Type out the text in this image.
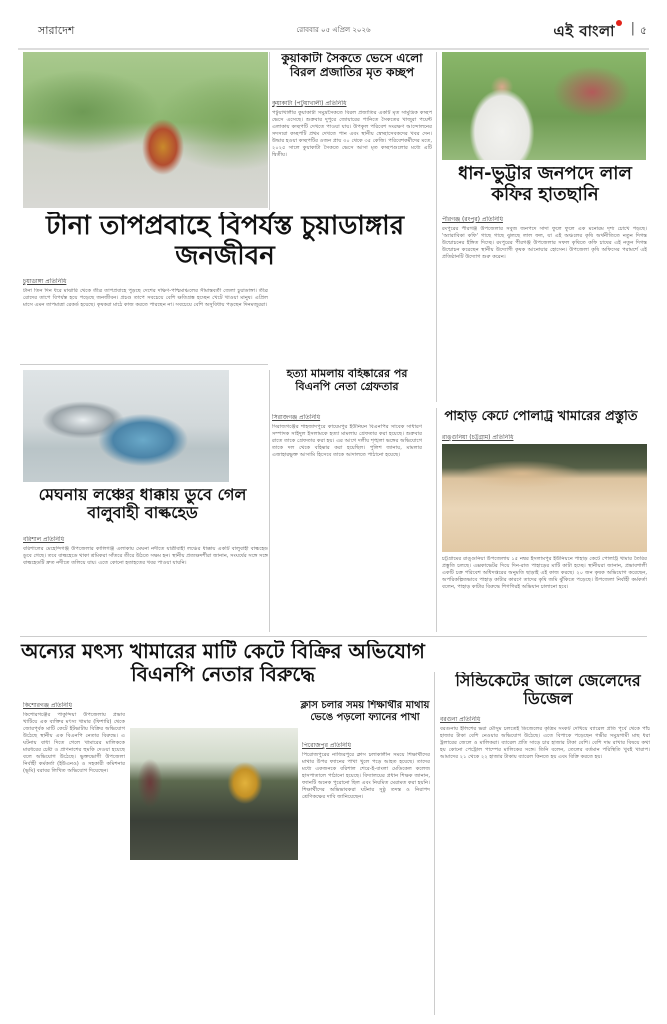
সারাদেশ	রোববার ০৫ এপ্রিল ২০২৬	এই বাংলা	| ৫
কুয়াকাটা সৈকতে ভেসে এলো বিরল প্রজাতির মৃত কচ্ছপ
কুয়াকাটা (পটুয়াখালী) প্রতিনিধি
পটুয়াখালীর কুয়াকাটা সমুদ্রসৈকতে বিরল প্রজাতির একটি মৃত সামুদ্রিক কচ্ছপ ভেসে এসেছে। শুক্রবার দুপুরে জোয়ারের পানিতে সৈকতের খাজুরা পয়েন্ট এলাকায় কচ্ছপটি দেখতে পাওয়া যায়। উপকূল পরিবেশ সংরক্ষণ আন্দোলনের সদস্যরা কচ্ছপটি প্রথম দেখতে পান এবং স্থানীয় স্বেচ্ছাসেবকদের খবর দেন। উদ্ধার হওয়া কচ্ছপটির ওজন প্রায় ৩০ থেকে ৩৫ কেজি। পরিবেশকর্মীদের মতে, ২০২৫ সালে কুয়াকাটা সৈকতে ভেসে আসা মৃত কচ্ছপগুলোর মধ্যে এটি দ্বিতীয়।
ধান-ভুট্টার জনপদে লাল কফির হাতছানি
পীরগঞ্জ (রংপুর) প্রতিনিধি
রংপুরের পীরগঞ্জ উপজেলার সবুজ জনপদে সাদা ফুলে ফুলে এক মনোরম দৃশ্য চোখে পড়ছে। 'অ্যারাবিকা কফি' গাছে গাছে ঝুলছে লাল ফল, যা এই অঞ্চলের কৃষি অর্থনীতিতে নতুন দিগন্ত উন্মোচনের ইঙ্গিত দিচ্ছে। রংপুরের পীরগঞ্জ উপজেলার সফল কৃষিতে কফি চাষের এই নতুন দিগন্ত উন্মোচন করেছেন স্থানীয় উদ্যোগী কৃষক আনোয়ার হোসেন। উপজেলা কৃষি অফিসের পরামর্শে এই প্রতিষ্ঠানটি উদ্যোগ শুরু করেন।
টানা তাপপ্রবাহে বিপর্যস্ত চুয়াডাঙ্গার জনজীবন
চুয়াডাঙ্গা প্রতিনিধি
টানা তিন দিন ধরে মাঝারি থেকে তীব্র তাপপ্রবাহে পুড়ছে দেশের দক্ষিণ-পশ্চিমাঞ্চলের সীমান্তবর্তী জেলা চুয়াডাঙ্গা। তীব্র রোদের তাপে বিপর্যস্ত হয়ে পড়েছে জনজীবন। প্রচণ্ড তাপে সবচেয়ে বেশি ক্ষতিগ্রস্ত হচ্ছেন খেটে খাওয়া মানুষ। এপ্রিল মাসে এমন তাপমাত্রা রেকর্ড হয়েছে। কৃষকরা মাঠে কাজ করতে পারছেন না। সবচেয়ে বেশি অসুবিধায় পড়ছেন দিনমজুররা।
হত্যা মামলায় বহিষ্কারের পর বিএনপি নেতা গ্রেফতার
সিরাজগঞ্জ প্রতিনিধি
সিরাজগঞ্জের শাহজাদপুরে কায়েমপুর ইউনিয়ন বিএনপির সাবেক সাধারণ সম্পাদক সাইদুল ইসলামকে হত্যা মামলায় গ্রেফতার করা হয়েছে। শুক্রবার রাতে তাকে গ্রেফতার করা হয়। এর আগে দলীয় শৃঙ্খলা ভঙ্গের অভিযোগে তাকে দল থেকে বহিষ্কার করা হয়েছিল। পুলিশ জানায়, মামলার এজাহারভুক্ত আসামি হিসেবে তাকে আদালতে পাঠানো হয়েছে।
পাহাড় কেটে পোলট্রি খামারের প্রস্তুতি
রাঙ্গুনিয়া (চট্টগ্রাম) প্রতিনিধি
চট্টগ্রামের রাঙ্গুনিয়া উপজেলায় ১৫ নম্বর ইসলামপুর ইউনিয়নে পাহাড় কেটে পোলট্রি খামার তৈরির প্রস্তুতি চলছে। এক্সকাভেটর দিয়ে দিন-রাত পাহাড়ের মাটি কাটা হচ্ছে। স্থানীয়রা জানান, প্রভাবশালী একটি চক্র পরিবেশ অধিদপ্তরের অনুমতি ছাড়াই এই কাজ করছে। ২০ জন কৃষক অভিযোগ করেছেন, অপরিকল্পিতভাবে পাহাড় কাটার কারণে তাদের কৃষি জমি ঝুঁকিতে পড়েছে। উপজেলা নির্বাহী কর্মকর্তা বলেন, পাহাড় কাটার বিরুদ্ধে শিগগিরই অভিযান চালানো হবে।
মেঘনায় লঞ্চের ধাক্কায় ডুবে গেল বালুবাহী বাল্কহেড
বরিশাল প্রতিনিধি
বরিশালের মেহেন্দিগঞ্জ উপজেলার কালিগঞ্জ এলাকায় মেঘনা নদীতে যাত্রীবাহী লঞ্চের ধাক্কায় একটি বালুবাহী বাল্কহেড ডুবে গেছে। তবে বাল্কহেডে থাকা শ্রমিকরা সাঁতরে তীরে উঠতে সক্ষম হন। স্থানীয় প্রত্যক্ষদর্শীরা জানান, সংঘর্ষের সঙ্গে সঙ্গে বাল্কহেডটি দ্রুত নদীতে তলিয়ে যায়। এতে কোনো হতাহতের খবর পাওয়া যায়নি।
অন্যের মৎস্য খামারের মাটি কেটে বিক্রির অভিযোগ বিএনপি নেতার বিরুদ্ধে
কিশোরগঞ্জ প্রতিনিধি
কিশোরগঞ্জের পাকুন্দিয়া উপজেলায় প্রভাব খাটিয়ে এক ব্যক্তির মৎস্য খামার (ফিশারি) থেকে জোরপূর্বক মাটি কেটে ইটভাটায় বিক্রির অভিযোগ উঠেছে স্থানীয় এক বিএনপি নেতার বিরুদ্ধে। এ ঘটনায় বাধা দিতে গেলে খামারের মালিককে মারধরের চেষ্টা ও প্রাণনাশের হুমকি দেওয়া হয়েছে বলে অভিযোগ উঠেছে। ভুক্তভোগী উপজেলা নির্বাহী কর্মকর্তা (ইউএনও) ও সহকারী কমিশনার (ভূমি) বরাবর লিখিত অভিযোগ দিয়েছেন।
ক্লাস চলার সময় শিক্ষার্থীর মাথায় ভেঙে পড়লো ফ্যানের পাখা
পিরোজপুর প্রতিনিধি
পিরোজপুরের নাজিরপুরে ক্লাস চলাকালীন সময়ে শিক্ষার্থীদের মাথার উপর ফ্যানের পাখা খুলে পড়ে আহত হয়েছে। তাদের মধ্যে একজনকে বরিশাল শেরে-ই-বাংলা মেডিকেল কলেজ হাসপাতালে পাঠানো হয়েছে। বিদ্যালয়ের প্রধান শিক্ষক জানান, ফ্যানটি অনেক পুরোনো ছিল এবং নিয়মিত মেরামত করা হয়নি। শিক্ষার্থীদের অভিভাবকরা ঘটনার সুষ্ঠু তদন্ত ও নিরাপদ শ্রেণিকক্ষের দাবি জানিয়েছেন।
সিন্ডিকেটের জালে জেলেদের ডিজেল
বরগুনা প্রতিনিধি
বরগুনায় ইলিশের ভরা মৌসুম চলতেই ডিজেলের কৃত্রিম সংকট দেখিয়ে ব্যারেল প্রতি পূর্বে থেকে পাঁচ হাজার টাকা বেশি নেওয়ার অভিযোগ উঠেছে। এতে বিপাকে পড়েছেন গভীর সমুদ্রগামী মাছ ধরা ট্রলারের জেলে ও মালিকরা। ব্যারেল প্রতি সাড়ে চার হাজার টাকা বেশি। বেশি দাম রাখার বিষয়ে কথা হয় কোনো পেট্রোল পাম্পের মালিকের সঙ্গে। তিনি বলেন, তেলের বর্তমান পরিস্থিতি খুবই খারাপ। আমাদের ২১ থেকে ২২ হাজার টাকায় ব্যারেল কিনতে হয় এবং বিক্রি করতে হয়।
